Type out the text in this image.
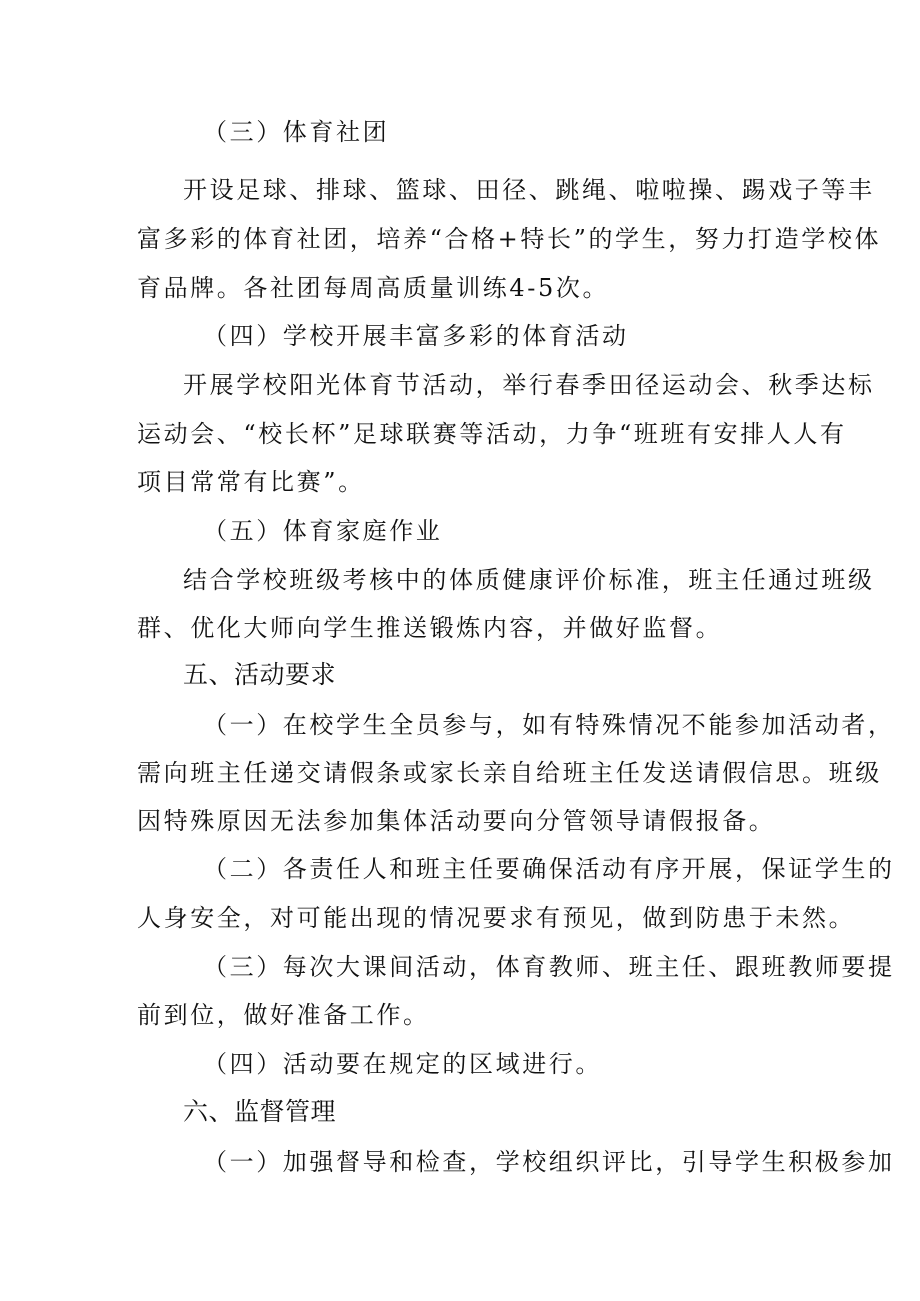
（三）体育社团
开设足球、排球、篮球、田径、跳绳、啦啦操、踢戏子等丰
富多彩的体育社团，培养“合格+特长”的学生，努力打造学校体
育品牌。各社团每周高质量训练4-5次。
（四）学校开展丰富多彩的体育活动
开展学校阳光体育节活动，举行春季田径运动会、秋季达标
运动会、“校长杯”足球联赛等活动，力争“班班有安排人人有
项目常常有比赛”。
（五）体育家庭作业
结合学校班级考核中的体质健康评价标准，班主任通过班级
群、优化大师向学生推送锻炼内容，并做好监督。
五、活动要求
（一）在校学生全员参与，如有特殊情况不能参加活动者，
需向班主任递交请假条或家长亲自给班主任发送请假信思。班级
因特殊原因无法参加集体活动要向分管领导请假报备。
（二）各责任人和班主任要确保活动有序开展，保证学生的
人身安全，对可能出现的情况要求有预见，做到防患于未然。
（三）每次大课间活动，体育教师、班主任、跟班教师要提
前到位，做好准备工作。
（四）活动要在规定的区域进行。
六、监督管理
（一）加强督导和检查，学校组织评比，引导学生积极参加
